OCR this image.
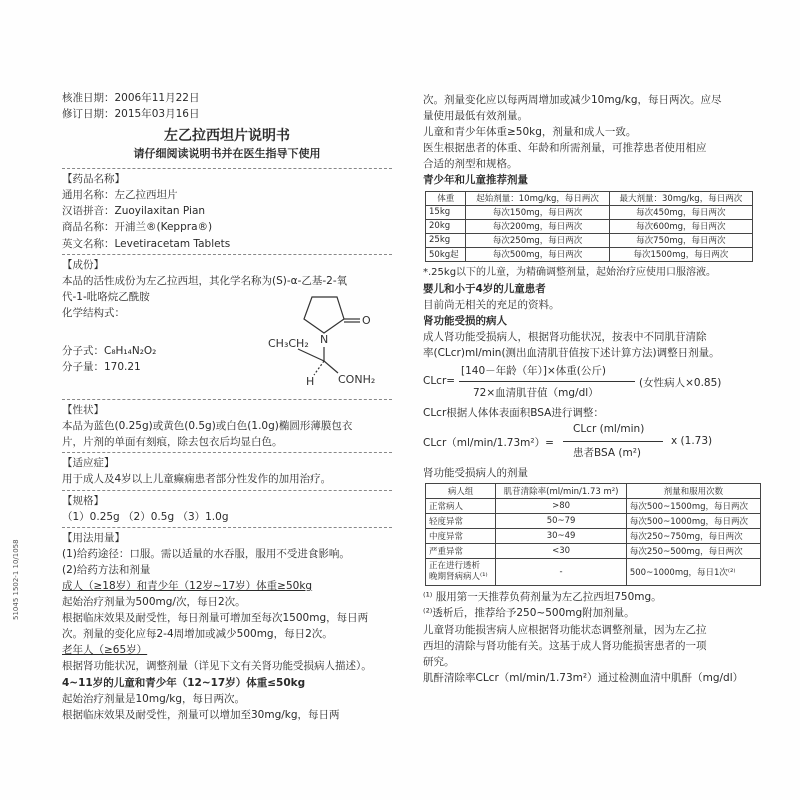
51045 1502-1 10/1058
核准日期：2006年11月22日
修订日期：2015年03月16日
左乙拉西坦片说明书
请仔细阅读说明书并在医生指导下使用
【药品名称】
通用名称：左乙拉西坦片
汉语拼音：Zuoyilaxitan Pian
商品名称：开浦兰®(Keppra®)
英文名称：Levetiracetam Tablets
【成份】
本品的活性成份为左乙拉西坦，其化学名称为(S)-α-乙基-2-氧
代-1-吡咯烷乙酰胺
化学结构式：
分子式：C₈H₁₄N₂O₂
分子量：170.21
O
N
CH₃CH₂
CONH₂
H
【性状】
本品为蓝色(0.25g)或黄色(0.5g)或白色(1.0g)椭圆形薄膜包衣
片，片剂的单面有刻痕，除去包衣后均显白色。
【适应症】
用于成人及4岁以上儿童癫痫患者部分性发作的加用治疗。
【规格】
（1）0.25g （2）0.5g （3）1.0g
【用法用量】
(1)给药途径：口服。需以适量的水吞服，服用不受进食影响。
(2)给药方法和剂量
成人（≥18岁）和青少年（12岁~17岁）体重≥50kg
起始治疗剂量为500mg/次，每日2次。
根据临床效果及耐受性，每日剂量可增加至每次1500mg，每日两
次。剂量的变化应每2-4周增加或减少500mg，每日2次。
老年人（≥65岁）
根据肾功能状况，调整剂量（详见下文有关肾功能受损病人描述）。
4~11岁的儿童和青少年（12~17岁）体重≤50kg
起始治疗剂量是10mg/kg，每日两次。
根据临床效果及耐受性，剂量可以增加至30mg/kg，每日两
次。剂量变化应以每两周增加或减少10mg/kg，每日两次。应尽
量使用最低有效剂量。
儿童和青少年体重≥50kg，剂量和成人一致。
医生根据患者的体重、年龄和所需剂量，可推荐患者使用相应
合适的剂型和规格。
青少年和儿童推荐剂量
体重	起始剂量：10mg/kg，每日两次	最大剂量：30mg/kg，每日两次
15kg	每次150mg，每日两次	每次450mg，每日两次
20kg	每次200mg，每日两次	每次600mg，每日两次
25kg	每次250mg，每日两次	每次750mg，每日两次
50kg起	每次500mg，每日两次	每次1500mg，每日两次
*.25kg以下的儿童，为精确调整剂量，起始治疗应使用口服溶液。
婴儿和小于4岁的儿童患者
目前尚无相关的充足的资料。
肾功能受损的病人
成人肾功能受损病人，根据肾功能状况，按表中不同肌苷清除
率(CLcr)ml/min(测出血清肌苷值按下述计算方法)调整日剂量。
CLcr=
[140－年龄（年）]×体重(公斤)
72×血清肌苷值（mg/dl）
(女性病人×0.85)
CLcr根据人体体表面积BSA进行调整：
CLcr（ml/min/1.73m²）=
CLcr (ml/min)
患者BSA (m²)
x (1.73)
肾功能受损病人的剂量
病人组	肌苷清除率(ml/min/1.73 m²)	剂量和服用次数
正常病人	>80	每次500~1500mg，每日两次
轻度异常	50~79	每次500~1000mg，每日两次
中度异常	30~49	每次250~750mg，每日两次
严重异常	<30	每次250~500mg，每日两次
正在进行透析
晚期肾病病人⁽¹⁾	-	500~1000mg，每日1次⁽²⁾
⁽¹⁾ 服用第一天推荐负荷剂量为左乙拉西坦750mg。
⁽²⁾透析后，推荐给予250~500mg附加剂量。
儿童肾功能损害病人应根据肾功能状态调整剂量，因为左乙拉
西坦的清除与肾功能有关。这基于成人肾功能损害患者的一项
研究。
肌酐清除率CLcr（ml/min/1.73m²）通过检测血清中肌酐（mg/dl）
